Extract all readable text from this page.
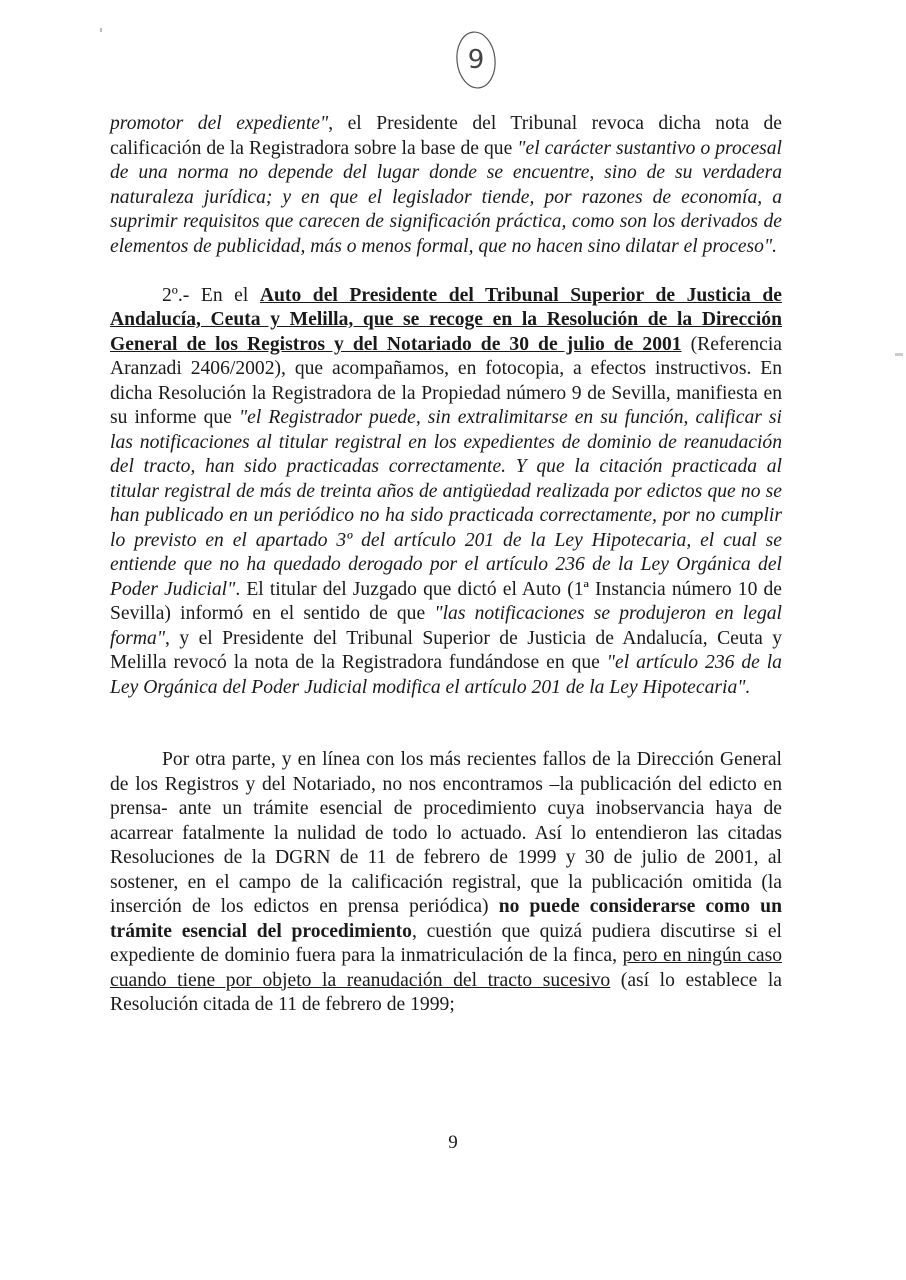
9

promotor del expediente", el Presidente del Tribunal revoca dicha nota de calificación de la Registradora sobre la base de que "el carácter sustantivo o procesal de una norma no depende del lugar donde se encuentre, sino de su verdadera naturaleza jurídica; y en que el legislador tiende, por razones de economía, a suprimir requisitos que carecen de significación práctica, como son los derivados de elementos de publicidad, más o menos formal, que no hacen sino dilatar el proceso".

2º.- En el Auto del Presidente del Tribunal Superior de Justicia de Andalucía, Ceuta y Melilla, que se recoge en la Resolución de la Dirección General de los Registros y del Notariado de 30 de julio de 2001 (Referencia Aranzadi 2406/2002), que acompañamos, en fotocopia, a efectos instructivos. En dicha Resolución la Registradora de la Propiedad número 9 de Sevilla, manifiesta en su informe que "el Registrador puede, sin extralimitarse en su función, calificar si las notificaciones al titular registral en los expedientes de dominio de reanudación del tracto, han sido practicadas correctamente. Y que la citación practicada al titular registral de más de treinta años de antigüedad realizada por edictos que no se han publicado en un periódico no ha sido practicada correctamente, por no cumplir lo previsto en el apartado 3º del artículo 201 de la Ley Hipotecaria, el cual se entiende que no ha quedado derogado por el artículo 236 de la Ley Orgánica del Poder Judicial". El titular del Juzgado que dictó el Auto (1ª Instancia número 10 de Sevilla) informó en el sentido de que "las notificaciones se produjeron en legal forma", y el Presidente del Tribunal Superior de Justicia de Andalucía, Ceuta y Melilla revocó la nota de la Registradora fundándose en que "el artículo 236 de la Ley Orgánica del Poder Judicial modifica el artículo 201 de la Ley Hipotecaria".

Por otra parte, y en línea con los más recientes fallos de la Dirección General de los Registros y del Notariado, no nos encontramos –la publicación del edicto en prensa- ante un trámite esencial de procedimiento cuya inobservancia haya de acarrear fatalmente la nulidad de todo lo actuado. Así lo entendieron las citadas Resoluciones de la DGRN de 11 de febrero de 1999 y 30 de julio de 2001, al sostener, en el campo de la calificación registral, que la publicación omitida (la inserción de los edictos en prensa periódica) no puede considerarse como un trámite esencial del procedimiento, cuestión que quizá pudiera discutirse si el expediente de dominio fuera para la inmatriculación de la finca, pero en ningún caso cuando tiene por objeto la reanudación del tracto sucesivo (así lo establece la Resolución citada de 11 de febrero de 1999;

9
